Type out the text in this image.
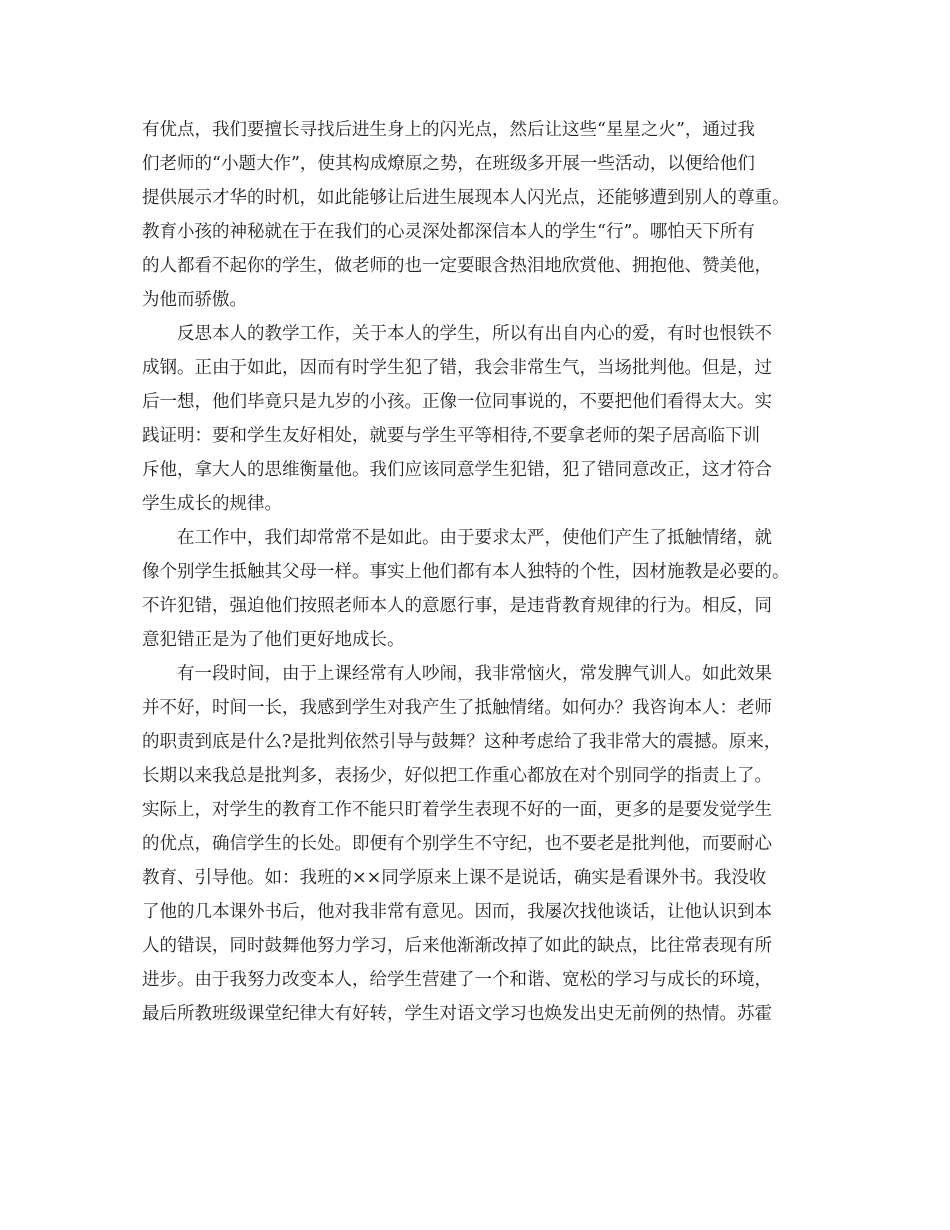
有优点，我们要擅长寻找后进生身上的闪光点，然后让这些“星星之火”，通过我
们老师的“小题大作”，使其构成燎原之势，在班级多开展一些活动，以便给他们
提供展示才华的时机，如此能够让后进生展现本人闪光点，还能够遭到别人的尊重。
教育小孩的神秘就在于在我们的心灵深处都深信本人的学生“行”。哪怕天下所有
的人都看不起你的学生，做老师的也一定要眼含热泪地欣赏他、拥抱他、赞美他，
为他而骄傲。
反思本人的教学工作，关于本人的学生，所以有出自内心的爱，有时也恨铁不
成钢。正由于如此，因而有时学生犯了错，我会非常生气，当场批判他。但是，过
后一想，他们毕竟只是九岁的小孩。正像一位同事说的，不要把他们看得太大。实
践证明：要和学生友好相处，就要与学生平等相待,不要拿老师的架子居高临下训
斥他，拿大人的思维衡量他。我们应该同意学生犯错，犯了错同意改正，这才符合
学生成长的规律。
在工作中，我们却常常不是如此。由于要求太严，使他们产生了抵触情绪，就
像个别学生抵触其父母一样。事实上他们都有本人独特的个性，因材施教是必要的。
不许犯错，强迫他们按照老师本人的意愿行事，是违背教育规律的行为。相反，同
意犯错正是为了他们更好地成长。
有一段时间，由于上课经常有人吵闹，我非常恼火，常发脾气训人。如此效果
并不好，时间一长，我感到学生对我产生了抵触情绪。如何办？我咨询本人：老师
的职责到底是什么?是批判依然引导与鼓舞？这种考虑给了我非常大的震撼。原来，
长期以来我总是批判多，表扬少，好似把工作重心都放在对个别同学的指责上了。
实际上，对学生的教育工作不能只盯着学生表现不好的一面，更多的是要发觉学生
的优点，确信学生的长处。即便有个别学生不守纪，也不要老是批判他，而要耐心
教育、引导他。如：我班的××同学原来上课不是说话，确实是看课外书。我没收
了他的几本课外书后，他对我非常有意见。因而，我屡次找他谈话，让他认识到本
人的错误，同时鼓舞他努力学习，后来他渐渐改掉了如此的缺点，比往常表现有所
进步。由于我努力改变本人，给学生营建了一个和谐、宽松的学习与成长的环境，
最后所教班级课堂纪律大有好转，学生对语文学习也焕发出史无前例的热情。苏霍
